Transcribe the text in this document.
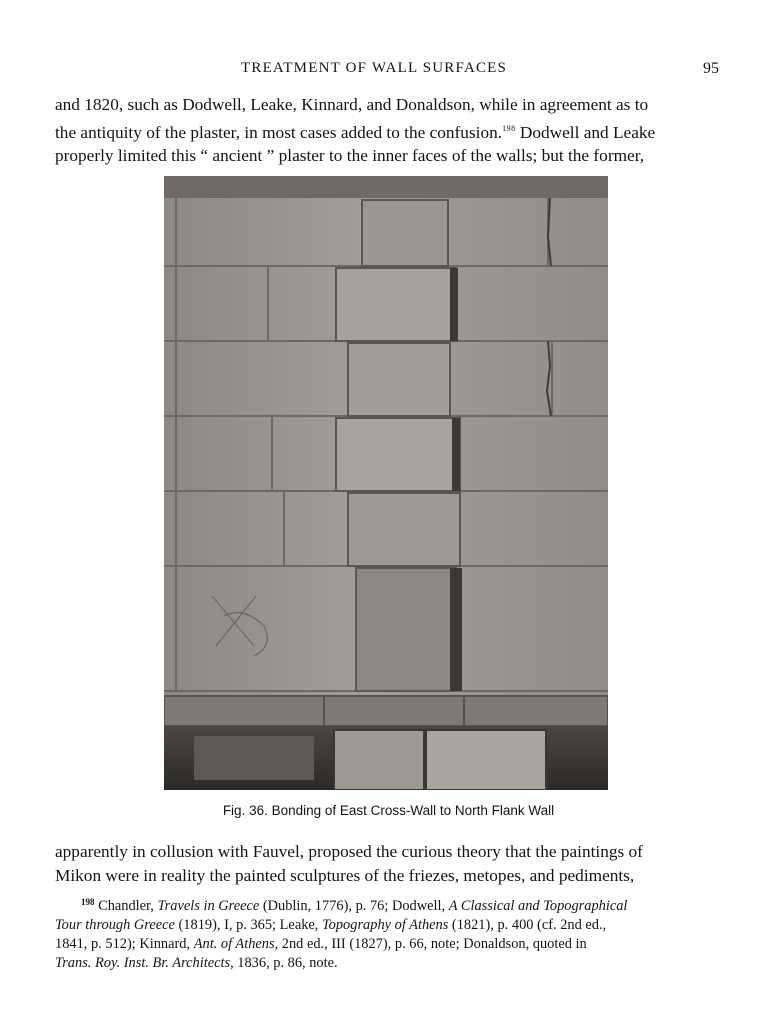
TREATMENT OF WALL SURFACES	95

and 1820, such as Dodwell, Leake, Kinnard, and Donaldson, while in agreement as to
the antiquity of the plaster, in most cases added to the confusion.$^{198}$ Dodwell and Leake
properly limited this “ ancient ” plaster to the inner faces of the walls; but the former,

Fig. 36. Bonding of East Cross-Wall to North Flank Wall

apparently in collusion with Fauvel, proposed the curious theory that the paintings of
Mikon were in reality the painted sculptures of the friezes, metopes, and pediments,

$^{198}$ Chandler, Travels in Greece (Dublin, 1776), p. 76; Dodwell, A Classical and Topographical
Tour through Greece (1819), I, p. 365; Leake, Topography of Athens (1821), p. 400 (cf. 2nd ed.,
1841, p. 512); Kinnard, Ant. of Athens, 2nd ed., III (1827), p. 66, note; Donaldson, quoted in
Trans. Roy. Inst. Br. Architects, 1836, p. 86, note.
